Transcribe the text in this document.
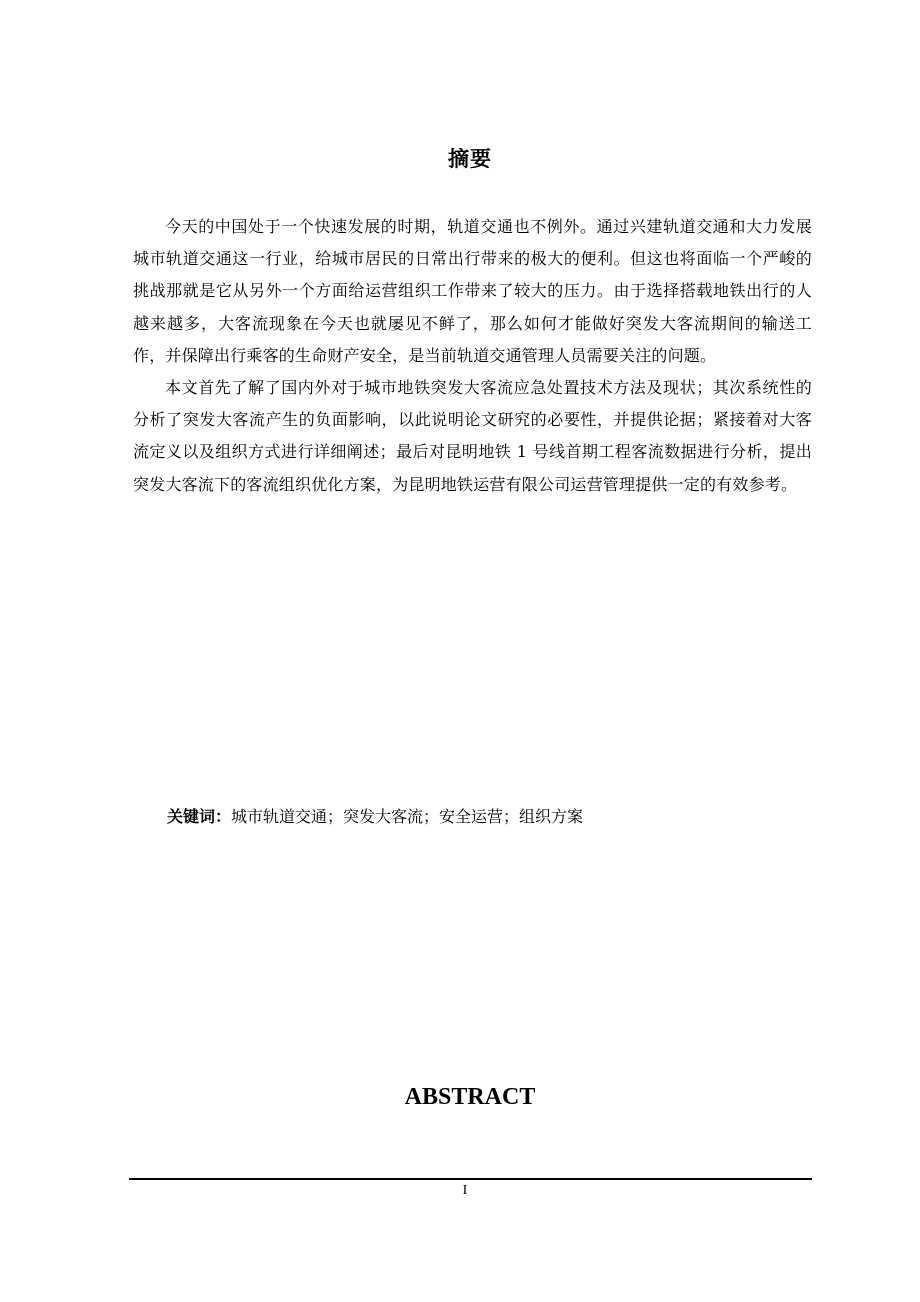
摘要

今天的中国处于一个快速发展的时期，轨道交通也不例外。通过兴建轨道交通和大力发展城市轨道交通这一行业，给城市居民的日常出行带来的极大的便利。但这也将面临一个严峻的挑战那就是它从另外一个方面给运营组织工作带来了较大的压力。由于选择搭载地铁出行的人越来越多，大客流现象在今天也就屡见不鲜了，那么如何才能做好突发大客流期间的输送工作，并保障出行乘客的生命财产安全，是当前轨道交通管理人员需要关注的问题。

本文首先了解了国内外对于城市地铁突发大客流应急处置技术方法及现状；其次系统性的分析了突发大客流产生的负面影响，以此说明论文研究的必要性，并提供论据；紧接着对大客流定义以及组织方式进行详细阐述；最后对昆明地铁 1 号线首期工程客流数据进行分析，提出突发大客流下的客流组织优化方案，为昆明地铁运营有限公司运营管理提供一定的有效参考。

关键词：城市轨道交通；突发大客流；安全运营；组织方案
ABSTRACT
I
